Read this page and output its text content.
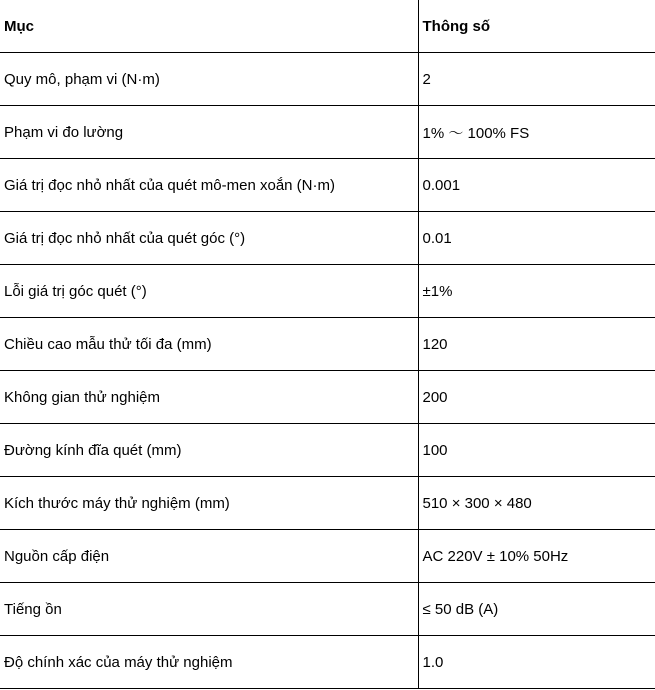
Mục	Thông số
Quy mô, phạm vi (N·m)	2
Phạm vi đo lường	1% ～ 100% FS
Giá trị đọc nhỏ nhất của quét mô-men xoắn (N·m)	0.001
Giá trị đọc nhỏ nhất của quét góc (°)	0.01
Lỗi giá trị góc quét (°)	±1%
Chiều cao mẫu thử tối đa (mm)	120
Không gian thử nghiệm	200
Đường kính đĩa quét (mm)	100
Kích thước máy thử nghiệm (mm)	510 × 300 × 480
Nguồn cấp điện	AC 220V ± 10% 50Hz
Tiếng ồn	≤ 50 dB (A)
Độ chính xác của máy thử nghiệm	1.0
